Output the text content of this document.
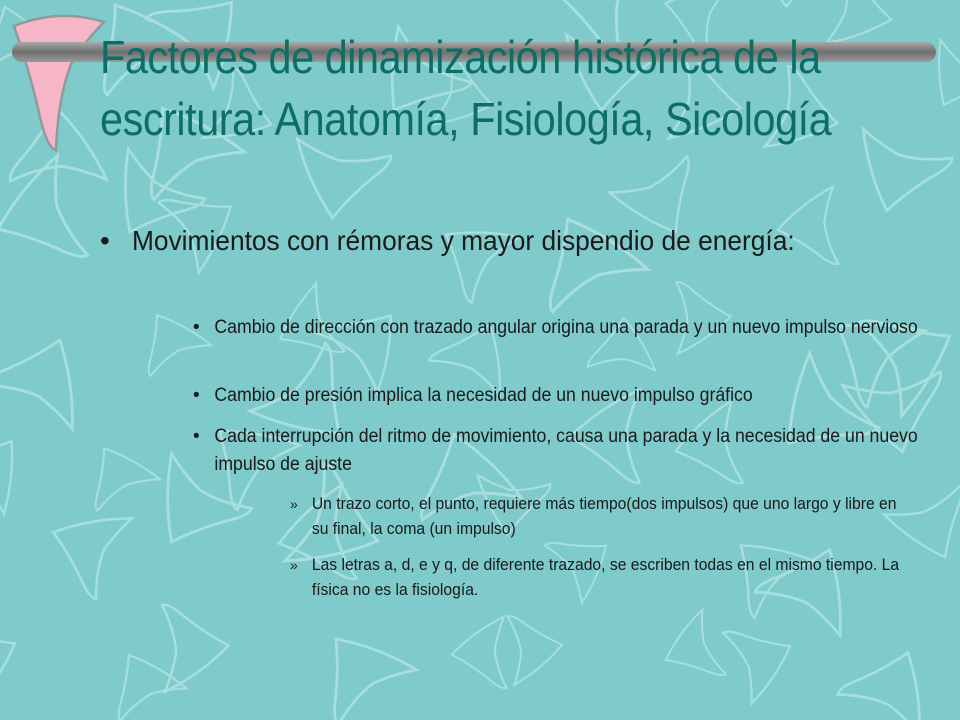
Factores de dinamización histórica de la escritura: Anatomía, Fisiología, Sicología
• Movimientos con rémoras y mayor dispendio de energía:
• Cambio de dirección con trazado angular origina una parada y un nuevo impulso nervioso
• Cambio de presión implica la necesidad de un nuevo impulso gráfico
• Cada interrupción del ritmo de movimiento, causa una parada y la necesidad de un nuevo impulso de ajuste
» Un trazo corto, el punto, requiere más tiempo(dos impulsos) que uno largo y libre en su final, la coma (un impulso)
» Las letras a, d, e y q, de diferente trazado, se escriben todas en el mismo tiempo. La física no es la fisiología.
